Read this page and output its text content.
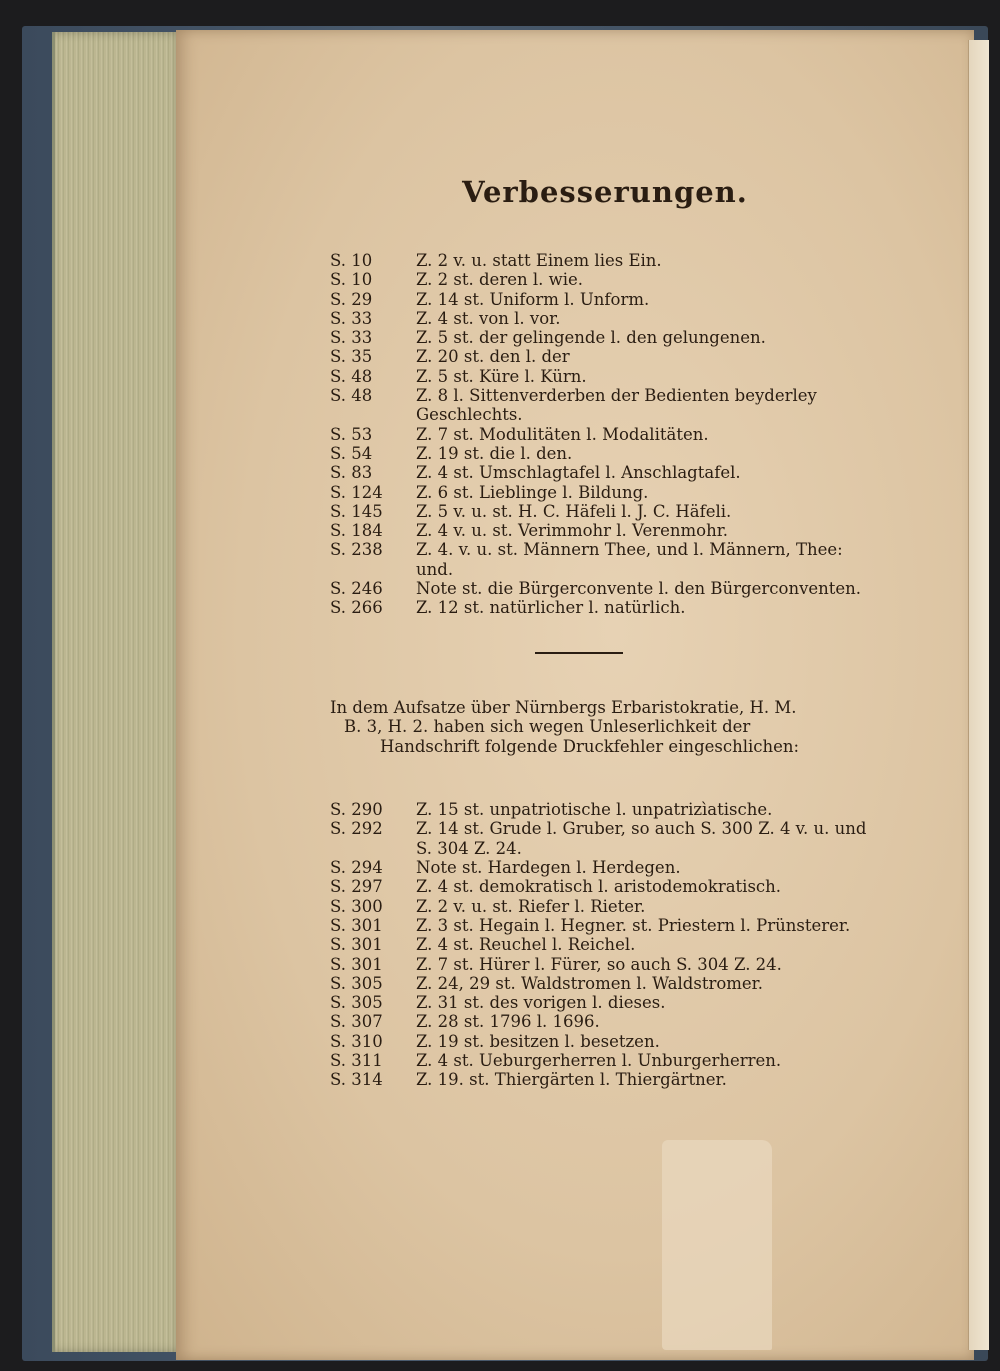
Verbesserungen.
S. 10	Z. 2 v. u. statt Einem lies Ein.
S. 10	Z. 2 st. deren l. wie.
S. 29	Z. 14 st. Uniform l. Unform.
S. 33	Z. 4 st. von l. vor.
S. 33	Z. 5 st. der gelingende l. den gelungenen.
S. 35	Z. 20 st. den l. der
S. 48	Z. 5 st. Küre l. Kürn.
S. 48	Z. 8 l. Sittenverderben der Bedienten beyderley Geschlechts.
S. 53	Z. 7 st. Modulitäten l. Modalitäten.
S. 54	Z. 19 st. die l. den.
S. 83	Z. 4 st. Umschlagtafel l. Anschlagtafel.
S. 124	Z. 6 st. Lieblinge l. Bildung.
S. 145	Z. 5 v. u. st. H. C. Häfeli l. J. C. Häfeli.
S. 184	Z. 4 v. u. st. Verimmohr l. Verenmohr.
S. 238	Z. 4. v. u. st. Männern Thee, und l. Männern, Thee: und.
S. 246	Note st. die Bürgerconvente l. den Bürgerconventen.
S. 266	Z. 12 st. natürlicher l. natürlich.
In dem Aufsatze über Nürnbergs Erbaristokratie, H. M.
B. 3, H. 2. haben sich wegen Unleserlichkeit der
Handschrift folgende Druckfehler eingeschlichen:
S. 290	Z. 15 st. unpatriotische l. unpatrizìatische.
S. 292	Z. 14 st. Grude l. Gruber, so auch S. 300 Z. 4 v. u. und S. 304 Z. 24.
S. 294	Note st. Hardegen l. Herdegen.
S. 297	Z. 4 st. demokratisch l. aristodemokratisch.
S. 300	Z. 2 v. u. st. Riefer l. Rieter.
S. 301	Z. 3 st. Hegain l. Hegner. st. Priestern l. Prünsterer.
S. 301	Z. 4 st. Reuchel l. Reichel.
S. 301	Z. 7 st. Hürer l. Fürer, so auch S. 304 Z. 24.
S. 305	Z. 24, 29 st. Waldstromen l. Waldstromer.
S. 305	Z. 31 st. des vorigen l. dieses.
S. 307	Z. 28 st. 1796 l. 1696.
S. 310	Z. 19 st. besitzen l. besetzen.
S. 311	Z. 4 st. Ueburgerherren l. Unburgerherren.
S. 314	Z. 19. st. Thiergärten l. Thiergärtner.
